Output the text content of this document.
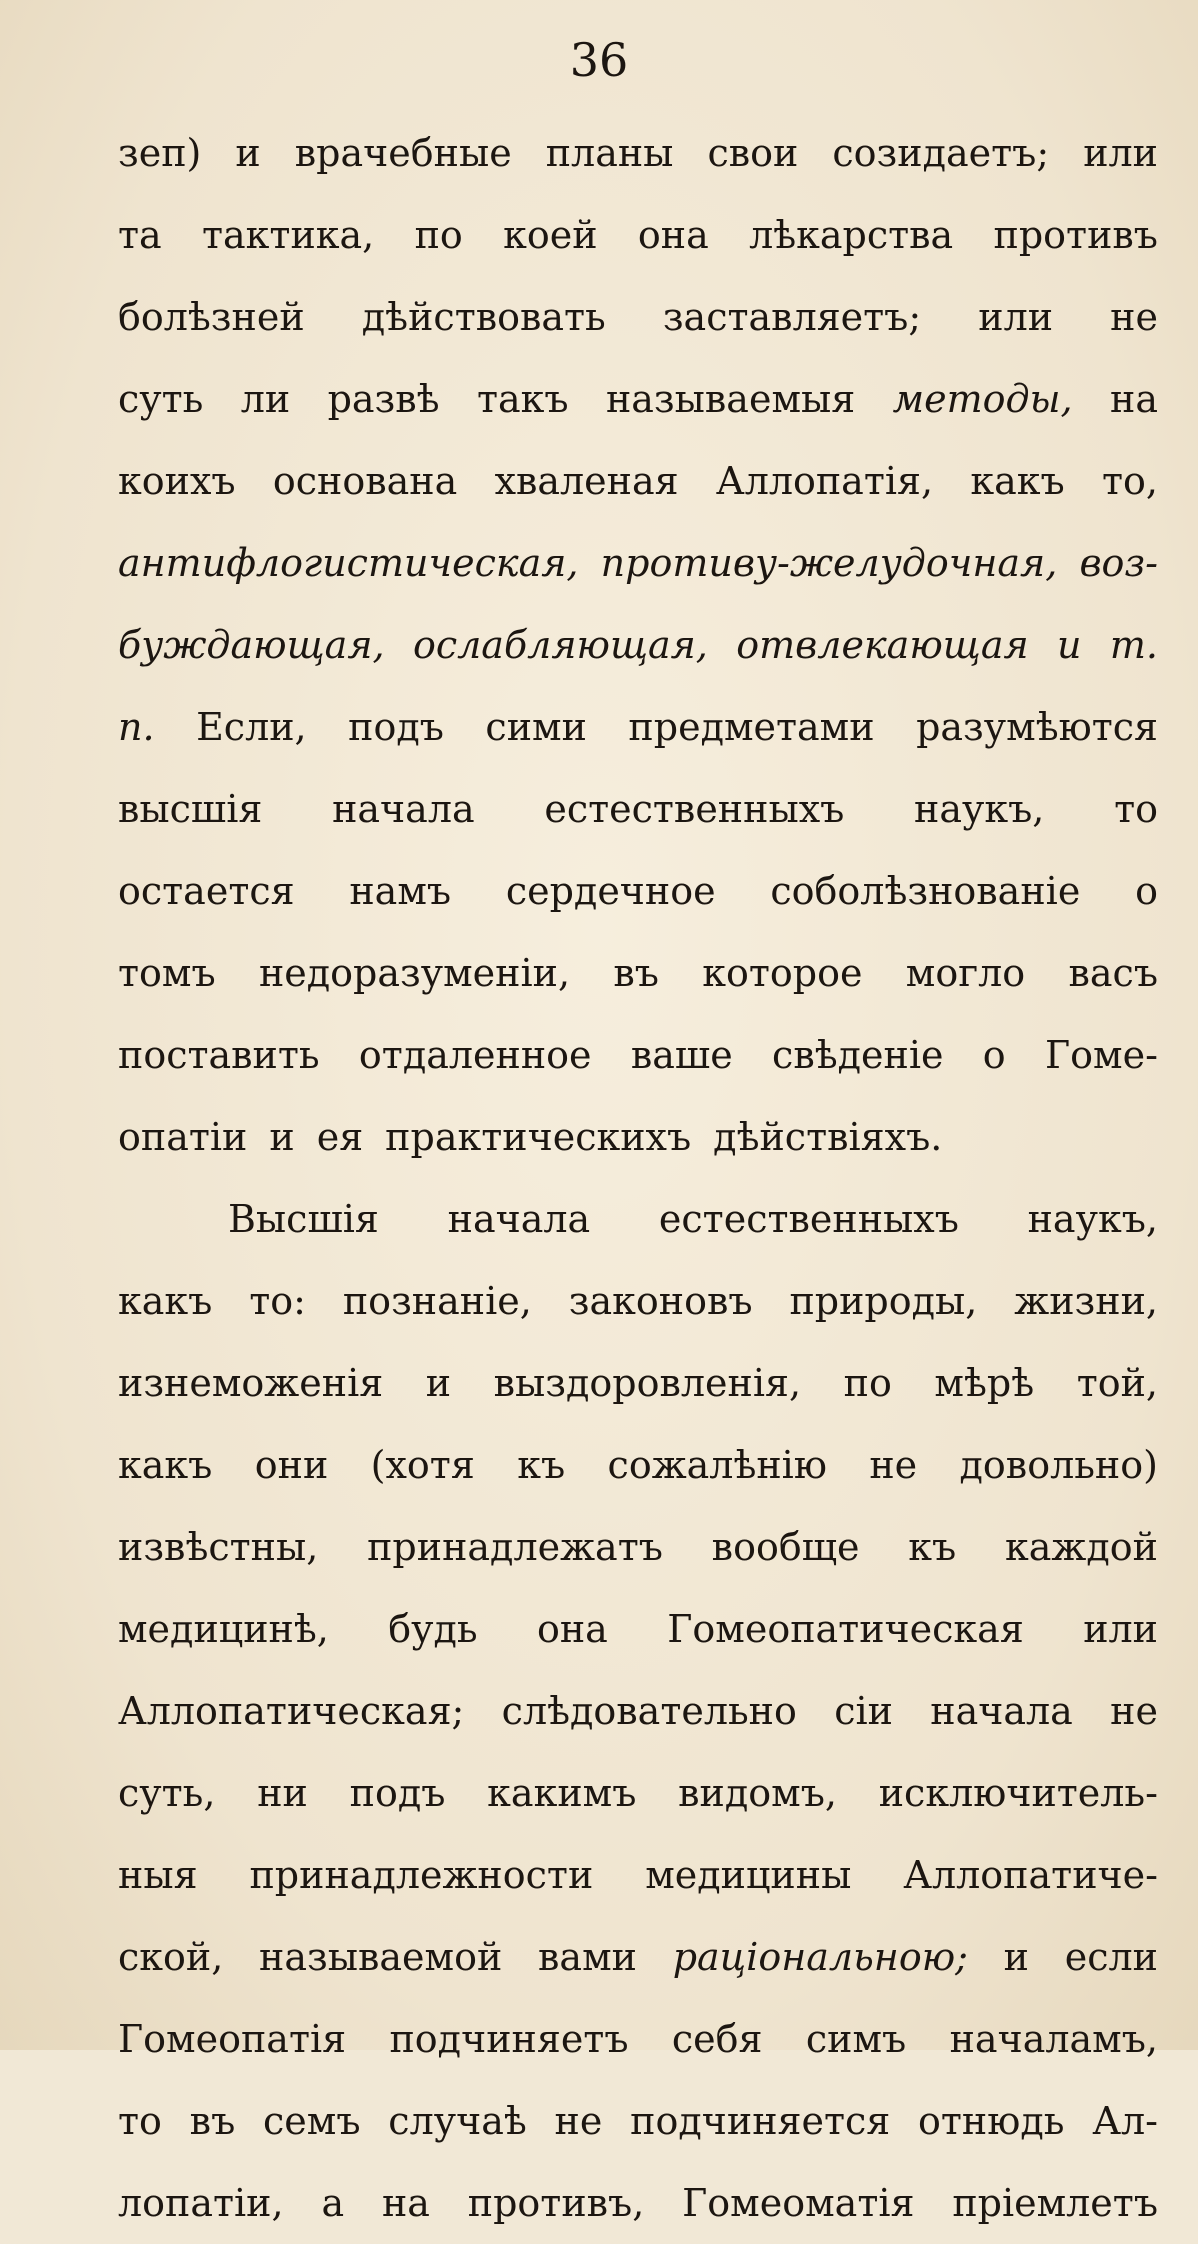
36
зеп) и врачебные планы свои созидаетъ; или
та тактика, по коей она лѣкарства противъ
болѣзней дѣйствовать заставляетъ; или не
суть ли развѣ такъ называемыя методы, на
коихъ основана хваленая Аллопатія, какъ то,
антифлогистическая, противу-желудочная, воз-
буждающая, ослабляющая, отвлекающая и т.
п. Если, подъ сими предметами разумѣются
высшія начала естественныхъ наукъ, то
остается намъ сердечное соболѣзнованіе о
томъ недоразуменіи, въ которое могло васъ
поставить отдаленное ваше свѣденіе о Гоме-
опатіи и ея практическихъ дѣйствіяхъ.
Высшія начала естественныхъ наукъ,
какъ то: познаніе, законовъ природы, жизни,
изнеможенія и выздоровленія, по мѣрѣ той,
какъ они (хотя къ сожалѣнію не довольно)
извѣстны, принадлежатъ вообще къ каждой
медицинѣ, будь она Гомеопатическая или
Аллопатическая; слѣдовательно сіи начала не
суть, ни подъ какимъ видомъ, исключитель-
ныя принадлежности медицины Аллопатиче-
ской, называемой вами раціональною; и если
Гомеопатія подчиняетъ себя симъ началамъ,
то въ семъ случаѣ не подчиняется отнюдь Ал-
лопатіи, а на противъ, Гомеоматія пріемлетъ
